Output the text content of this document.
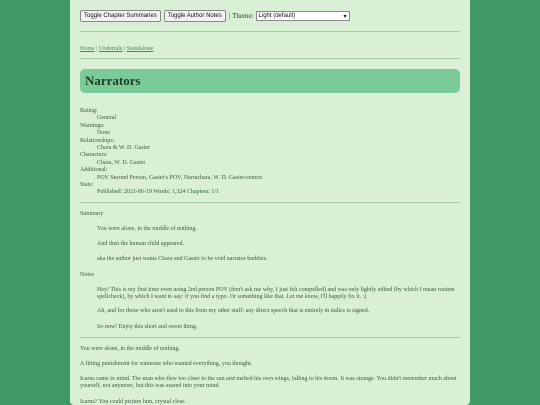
Toggle Chapter Summaries	Toggle Author Notes	| Theme: Light (default)	▾
Home | Undertale | Standalone
Narrators
Rating:
General
Warnings:
None
Relationships:
Chara & W. D. Gaster
Characters:
Chara, W. D. Gaster
Additional:
POV Second Person, Gaster's POV, Narrachara, W. D. Gaster-centric
Stats:
Published: 2021-06-19 Words: 1,324 Chapters: 1/1
Summary
You were alone, in the middle of nothing.
And then the human child appeared.
aka the author just wants Chara and Gaster to be void narrator buddies.
Notes
Hey! This is my first time even using 2nd person POV (don't ask me why, I just felt compelled) and was only lightly edited (by which I mean routine spellcheck), by which I want to say: if you find a typo. Or something like that. Let me know, I'll happily fix it. :)
Ah, and for those who aren't used to this from my other stuff: any direct speech that is entirely in italics is signed.
So now! Enjoy this short and sweet thing.
You were alone, in the middle of nothing.
A fitting punishment for someone who wanted everything, you thought.
Icarus came to mind. The man who flew too close to the sun and melted his own wings, falling to his doom. It was strange. You didn't remember much about yourself, not anymore, but this was seared into your mind.
Icarus? You could picture him, crystal clear.
